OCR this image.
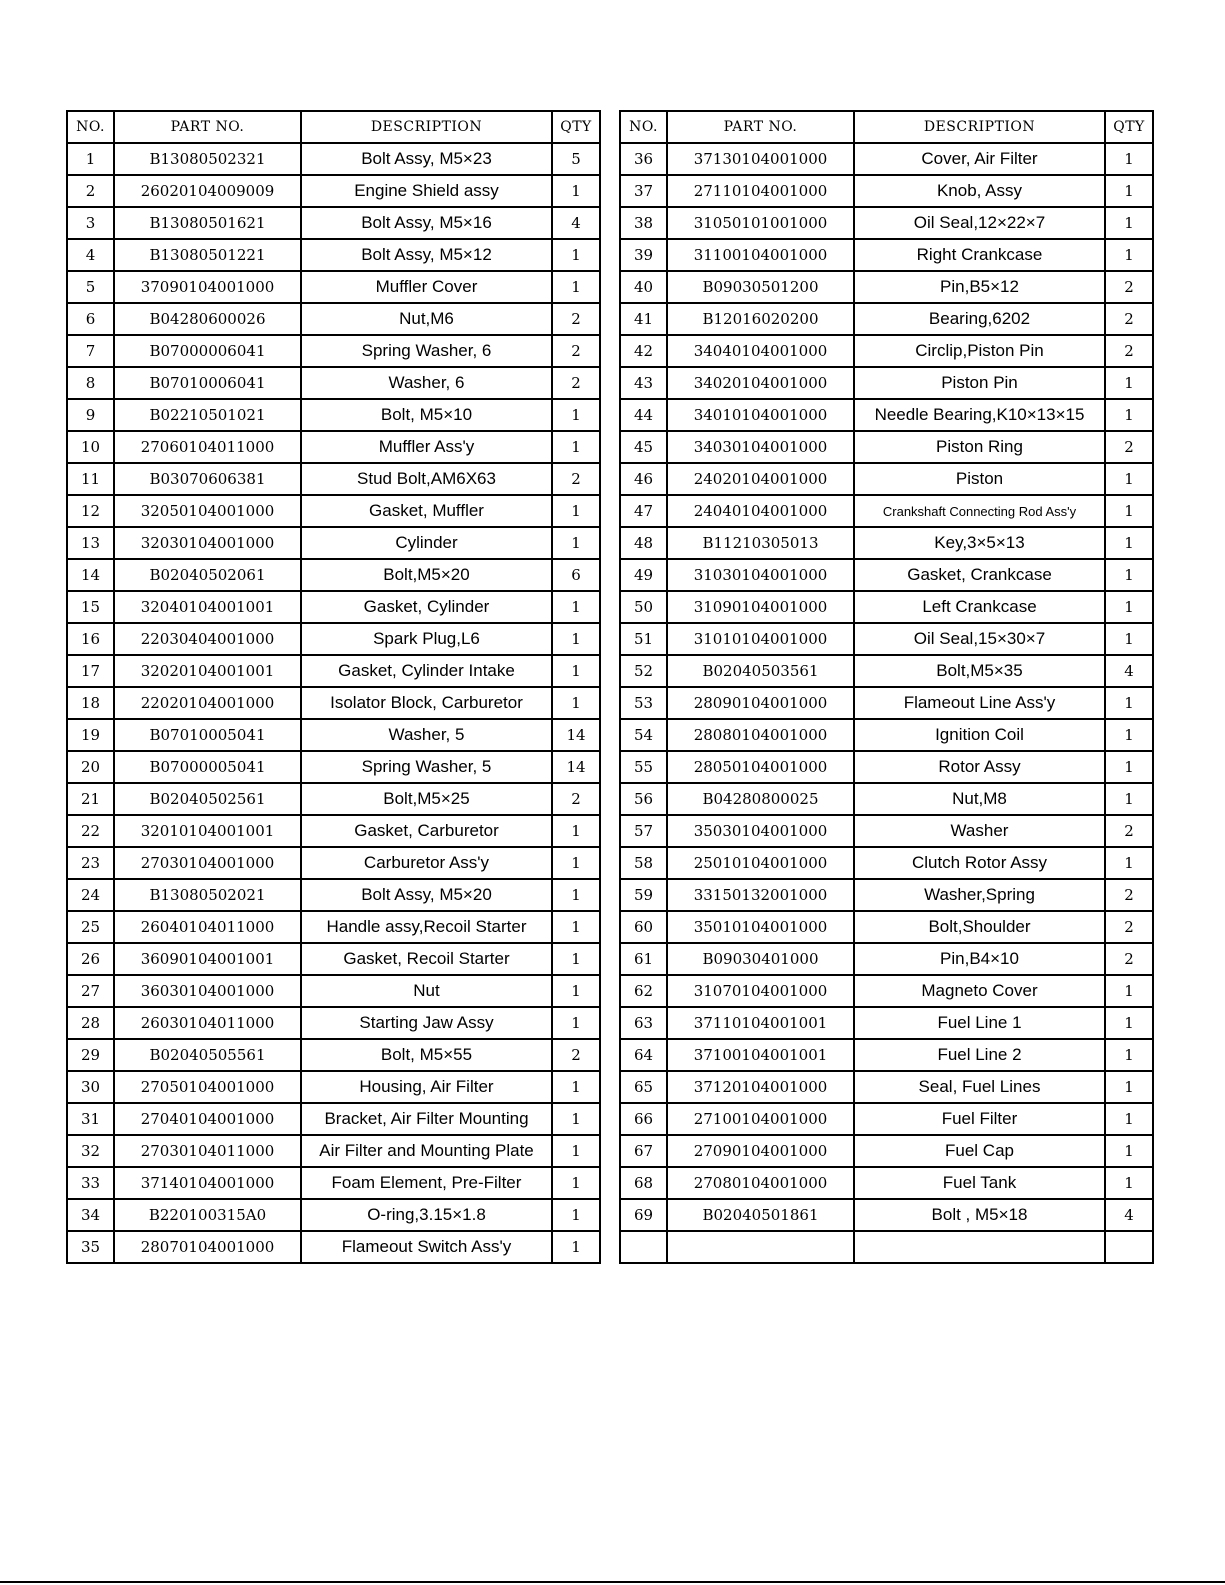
NO.	PART NO.	DESCRIPTION	QTY
1	B13080502321	Bolt Assy, M5×23	5
2	26020104009009	Engine Shield assy	1
3	B13080501621	Bolt Assy, M5×16	4
4	B13080501221	Bolt Assy, M5×12	1
5	37090104001000	Muffler Cover	1
6	B04280600026	Nut,M6	2
7	B07000006041	Spring Washer, 6	2
8	B07010006041	Washer, 6	2
9	B02210501021	Bolt, M5×10	1
10	27060104011000	Muffler Ass'y	1
11	B03070606381	Stud Bolt,AM6X63	2
12	32050104001000	Gasket, Muffler	1
13	32030104001000	Cylinder	1
14	B02040502061	Bolt,M5×20	6
15	32040104001001	Gasket, Cylinder	1
16	22030404001000	Spark Plug,L6	1
17	32020104001001	Gasket, Cylinder Intake	1
18	22020104001000	Isolator Block, Carburetor	1
19	B07010005041	Washer, 5	14
20	B07000005041	Spring Washer, 5	14
21	B02040502561	Bolt,M5×25	2
22	32010104001001	Gasket, Carburetor	1
23	27030104001000	Carburetor Ass'y	1
24	B13080502021	Bolt Assy, M5×20	1
25	26040104011000	Handle assy,Recoil Starter	1
26	36090104001001	Gasket, Recoil Starter	1
27	36030104001000	Nut	1
28	26030104011000	Starting Jaw Assy	1
29	B02040505561	Bolt, M5×55	2
30	27050104001000	Housing, Air Filter	1
31	27040104001000	Bracket, Air Filter Mounting	1
32	27030104011000	Air Filter and Mounting Plate	1
33	37140104001000	Foam Element, Pre-Filter	1
34	B220100315A0	O-ring,3.15×1.8	1
35	28070104001000	Flameout Switch Ass'y	1
NO.	PART NO.	DESCRIPTION	QTY
36	37130104001000	Cover, Air Filter	1
37	27110104001000	Knob, Assy	1
38	31050101001000	Oil Seal,12×22×7	1
39	31100104001000	Right Crankcase	1
40	B09030501200	Pin,B5×12	2
41	B12016020200	Bearing,6202	2
42	34040104001000	Circlip,Piston Pin	2
43	34020104001000	Piston Pin	1
44	34010104001000	Needle Bearing,K10×13×15	1
45	34030104001000	Piston Ring	2
46	24020104001000	Piston	1
47	24040104001000	Crankshaft Connecting Rod Ass'y	1
48	B11210305013	Key,3×5×13	1
49	31030104001000	Gasket, Crankcase	1
50	31090104001000	Left Crankcase	1
51	31010104001000	Oil Seal,15×30×7	1
52	B02040503561	Bolt,M5×35	4
53	28090104001000	Flameout Line Ass'y	1
54	28080104001000	Ignition Coil	1
55	28050104001000	Rotor Assy	1
56	B04280800025	Nut,M8	1
57	35030104001000	Washer	2
58	25010104001000	Clutch Rotor Assy	1
59	33150132001000	Washer,Spring	2
60	35010104001000	Bolt,Shoulder	2
61	B09030401000	Pin,B4×10	2
62	31070104001000	Magneto Cover	1
63	37110104001001	Fuel Line 1	1
64	37100104001001	Fuel Line 2	1
65	37120104001000	Seal, Fuel Lines	1
66	27100104001000	Fuel Filter	1
67	27090104001000	Fuel Cap	1
68	27080104001000	Fuel Tank	1
69	B02040501861	Bolt , M5×18	4
